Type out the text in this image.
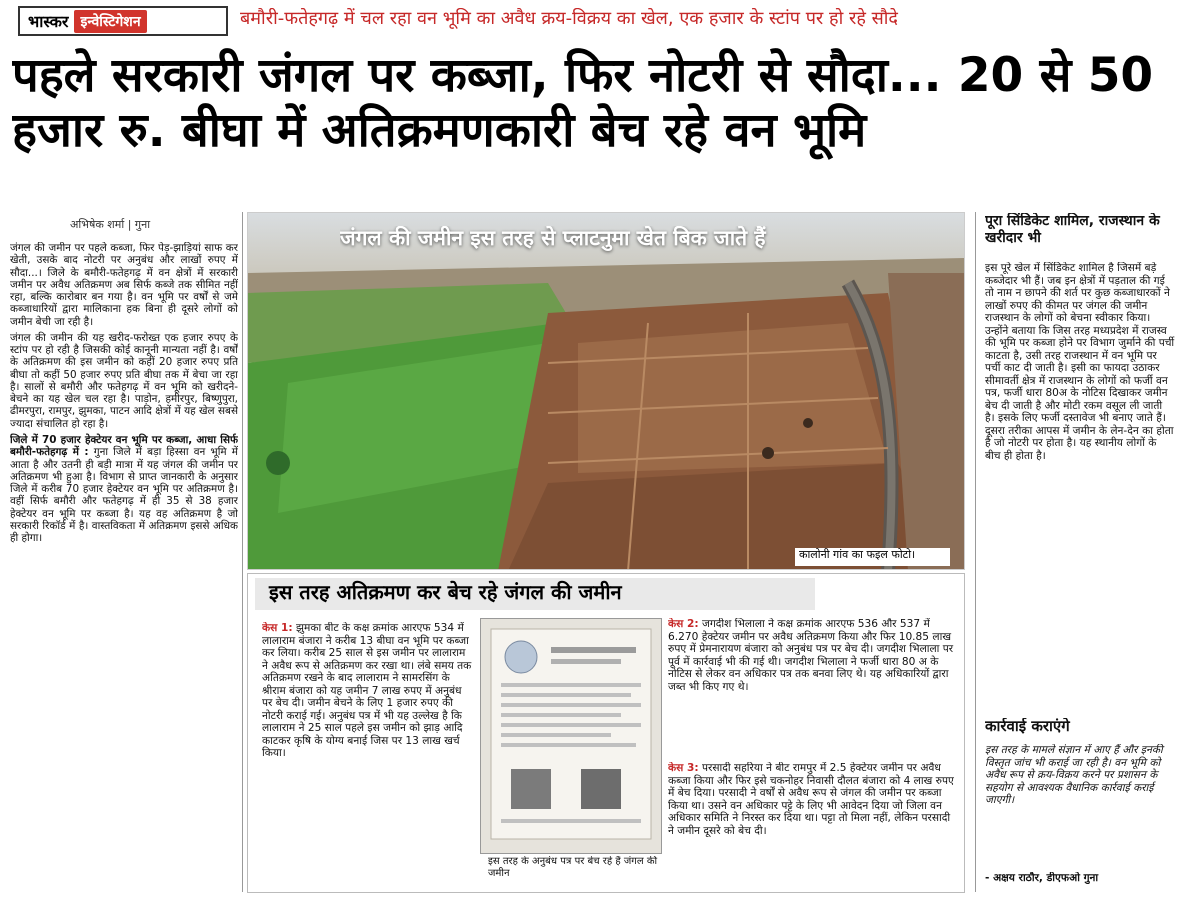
भास्कर इन्वेस्टिगेशन	बमौरी-फतेहगढ़ में चल रहा वन भूमि का अवैध क्रय-विक्रय का खेल, एक हजार के स्टांप पर हो रहे सौदे
पहले सरकारी जंगल पर कब्जा, फिर नोटरी से सौदा... 20 से 50 हजार रु. बीघा में अतिक्रमणकारी बेच रहे वन भूमि
अभिषेक शर्मा | गुना

जंगल की जमीन पर पहले कब्जा, फिर पेड़-झाड़ियां साफ कर खेती, उसके बाद नोटरी पर अनुबंध और लाखों रुपए में सौदा...। जिले के बमौरी-फतेहगढ़ में वन क्षेत्रों में सरकारी जमीन पर अवैध अतिक्रमण अब सिर्फ कब्जे तक सीमित नहीं रहा, बल्कि कारोबार बन गया है। वन भूमि पर वर्षों से जमे कब्जाधारियों द्वारा मालिकाना हक बिना ही दूसरे लोगों को जमीन बेची जा रही है।

जंगल की जमीन की यह खरीद-फरोख्त एक हजार रुपए के स्टांप पर हो रही है जिसकी कोई कानूनी मान्यता नहीं है। वर्षों के अतिक्रमण की इस जमीन को कहीं 20 हजार रुपए प्रति बीघा तो कहीं 50 हजार रुपए प्रति बीघा तक में बेचा जा रहा है। सालों से बमौरी और फतेहगढ़ में वन भूमि को खरीदने-बेचने का यह खेल चल रहा है। पाड़ोन, हमीरपुर, बिष्णुपुरा, ढीमरपुरा, रामपुर, झुमका, पाटन आदि क्षेत्रों में यह खेल सबसे ज्यादा संचालित हो रहा है।

जिले में 70 हजार हेक्टेयर वन भूमि पर कब्जा, आधा सिर्फ बमौरी-फतेहगढ़ में : गुना जिले में बड़ा हिस्सा वन भूमि में आता है और उतनी ही बड़ी मात्रा में यह जंगल की जमीन पर अतिक्रमण भी हुआ है। विभाग से प्राप्त जानकारी के अनुसार जिले में करीब 70 हजार हेक्टेयर वन भूमि पर अतिक्रमण है। वहीं सिर्फ बमौरी और फतेहगढ़ में ही 35 से 38 हजार हेक्टेयर वन भूमि पर कब्जा है। यह वह अतिक्रमण है जो सरकारी रिकॉर्ड में है। वास्तविकता में अतिक्रमण इससे अधिक ही होगा।

जंगल की जमीन इस तरह से प्लाटनुमा खेत बिक जाते हैं
कालोनी गांव का फइल फोटो।
इस तरह अतिक्रमण कर बेच रहे जंगल की जमीन
केस 1: झुमका बीट के कक्ष क्रमांक आरएफ 534 में लालाराम बंजारा ने करीब 13 बीघा वन भूमि पर कब्जा कर लिया। करीब 25 साल से इस जमीन पर लालाराम ने अवैध रूप से अतिक्रमण कर रखा था। लंबे समय तक अतिक्रमण रखने के बाद लालाराम ने सामरसिंग के श्रीराम बंजारा को यह जमीन 7 लाख रुपए में अनुबंध पर बेच दी। जमीन बेचने के लिए 1 हजार रुपए की नोटरी कराई गई। अनुबंध पत्र में भी यह उल्लेख है कि लालाराम ने 25 साल पहले इस जमीन को झाड़ आदि काटकर कृषि के योग्य बनाई जिस पर 13 लाख खर्च किया।
इस तरह के अनुबंध पत्र पर बेच रहे हैं जंगल की जमीन
केस 2: जगदीश भिलाला ने कक्ष क्रमांक आरएफ 536 और 537 में 6.270 हेक्टेयर जमीन पर अवैध अतिक्रमण किया और फिर 10.85 लाख रुपए में प्रेमनारायण बंजारा को अनुबंध पत्र पर बेच दी। जगदीश भिलाला पर पूर्व में कार्रवाई भी की गई थी। जगदीश भिलाला ने फर्जी धारा 80 अ के नोटिस से लेकर वन अधिकार पत्र तक बनवा लिए थे। यह अधिकारियों द्वारा जब्त भी किए गए थे।
केस 3: परसादी सहरिया ने बीट रामपुर में 2.5 हेक्टेयर जमीन पर अवैध कब्जा किया और फिर इसे चकनोहर निवासी दौलत बंजारा को 4 लाख रुपए में बेच दिया। परसादी ने वर्षों से अवैध रूप से जंगल की जमीन पर कब्जा किया था। उसने वन अधिकार पट्टे के लिए भी आवेदन दिया जो जिला वन अधिकार समिति ने निरस्त कर दिया था। पट्टा तो मिला नहीं, लेकिन परसादी ने जमीन दूसरे को बेच दी।
पूरा सिंडिकेट शामिल, राजस्थान के खरीदार भी
इस पूरे खेल में सिंडिकेट शामिल है जिसमें बड़े कब्जेदार भी हैं। जब इन क्षेत्रों में पड़ताल की गई तो नाम न छापने की शर्त पर कुछ कब्जाधारकों ने लाखों रुपए की कीमत पर जंगल की जमीन राजस्थान के लोगों को बेचना स्वीकार किया। उन्होंने बताया कि जिस तरह मध्यप्रदेश में राजस्व की भूमि पर कब्जा होने पर विभाग जुर्माने की पर्ची काटता है, उसी तरह राजस्थान में वन भूमि पर पर्ची काट दी जाती है। इसी का फायदा उठाकर सीमावर्ती क्षेत्र में राजस्थान के लोगों को फर्जी वन पत्र, फर्जी धारा 80अ के नोटिस दिखाकर जमीन बेच दी जाती है और मोटी रकम वसूल ली जाती है। इसके लिए फर्जी दस्तावेज भी बनाए जाते हैं। दूसरा तरीका आपस में जमीन के लेन-देन का होता है जो नोटरी पर होता है। यह स्थानीय लोगों के बीच ही होता है।
कार्रवाई कराएंगे
इस तरह के मामले संज्ञान में आए हैं और इनकी विस्तृत जांच भी कराई जा रही है। वन भूमि को अवैध रूप से क्रय-विक्रय करने पर प्रशासन के सहयोग से आवश्यक वैधानिक कार्रवाई कराई जाएगी।
- अक्षय राठौर, डीएफओ गुना
